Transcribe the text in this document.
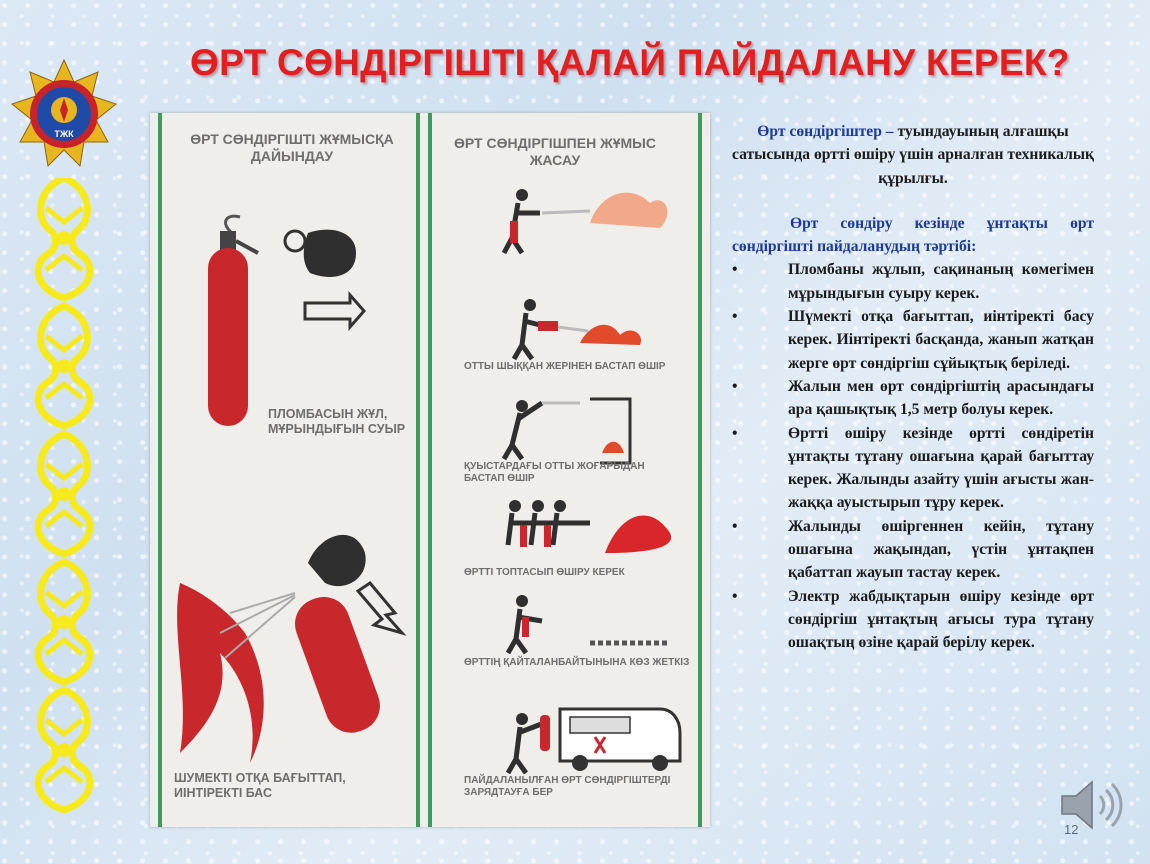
ӨРТ СӨНДІРГІШТІ ҚАЛАЙ ПАЙДАЛАНУ КЕРЕК?
ТЖК	ӨРТ СӨНДІРГІШТІ ЖҰМЫСҚА ДАЙЫНДАУ
ПЛОМБАСЫН ЖҰЛ, МҰРЫНДЫҒЫН СУЫР
ШУМЕКТІ ОТҚА БАҒЫТТАП, ИІНТІРЕКТІ БАС
ӨРТ СӨНДІРГІШПЕН ЖҰМЫС ЖАСАУ
ОТТЫ ШЫҚҚАН ЖЕРІНЕН БАСТАП ӨШІР
ҚУЫСТАРДАҒЫ ОТТЫ ЖОҒАРЫДАН БАСТАП ӨШІР
ӨРТТІ ТОПТАСЫП ӨШІРУ КЕРЕК
ӨРТТІҢ ҚАЙТАЛАНБАЙТЫНЫНА КӨЗ ЖЕТКІЗ
ПАЙДАЛАНЫЛҒАН ӨРТ СӨНДІРГІШТЕРДІ ЗАРЯДТАУҒА БЕР

Өрт сөндіргіштер – туындауының алғашқы сатысында өртті өшіру үшін арналған техникалық құрылғы.

Өрт сөндіру кезінде ұнтақты өрт сөндіргішті пайдаланудың тәртібі:

•	Пломбаны жұлып, сақинаның көмегімен мұрындығын суыру керек.
•	Шүмекті отқа бағыттап, иінтіректі басу керек. Иінтіректі басқанда, жанып жатқан жерге өрт сөндіргіш сұйықтық беріледі.
•	Жалын мен өрт сөндіргіштің арасындағы ара қашықтық 1,5 метр болуы керек.
•	Өртті өшіру кезінде өртті сөндіретін ұнтақты тұтану ошағына қарай бағыттау керек. Жалынды азайту үшін ағысты жан-жаққа ауыстырып тұру керек.
•	Жалынды өшіргеннен кейін, тұтану ошағына жақындап, үстін ұнтақпен қабаттап жауып тастау керек.
•	Электр жабдықтарын өшіру кезінде өрт сөндіргіш ұнтақтың ағысы тура тұтану ошақтың өзіне қарай берілу керек.
12
